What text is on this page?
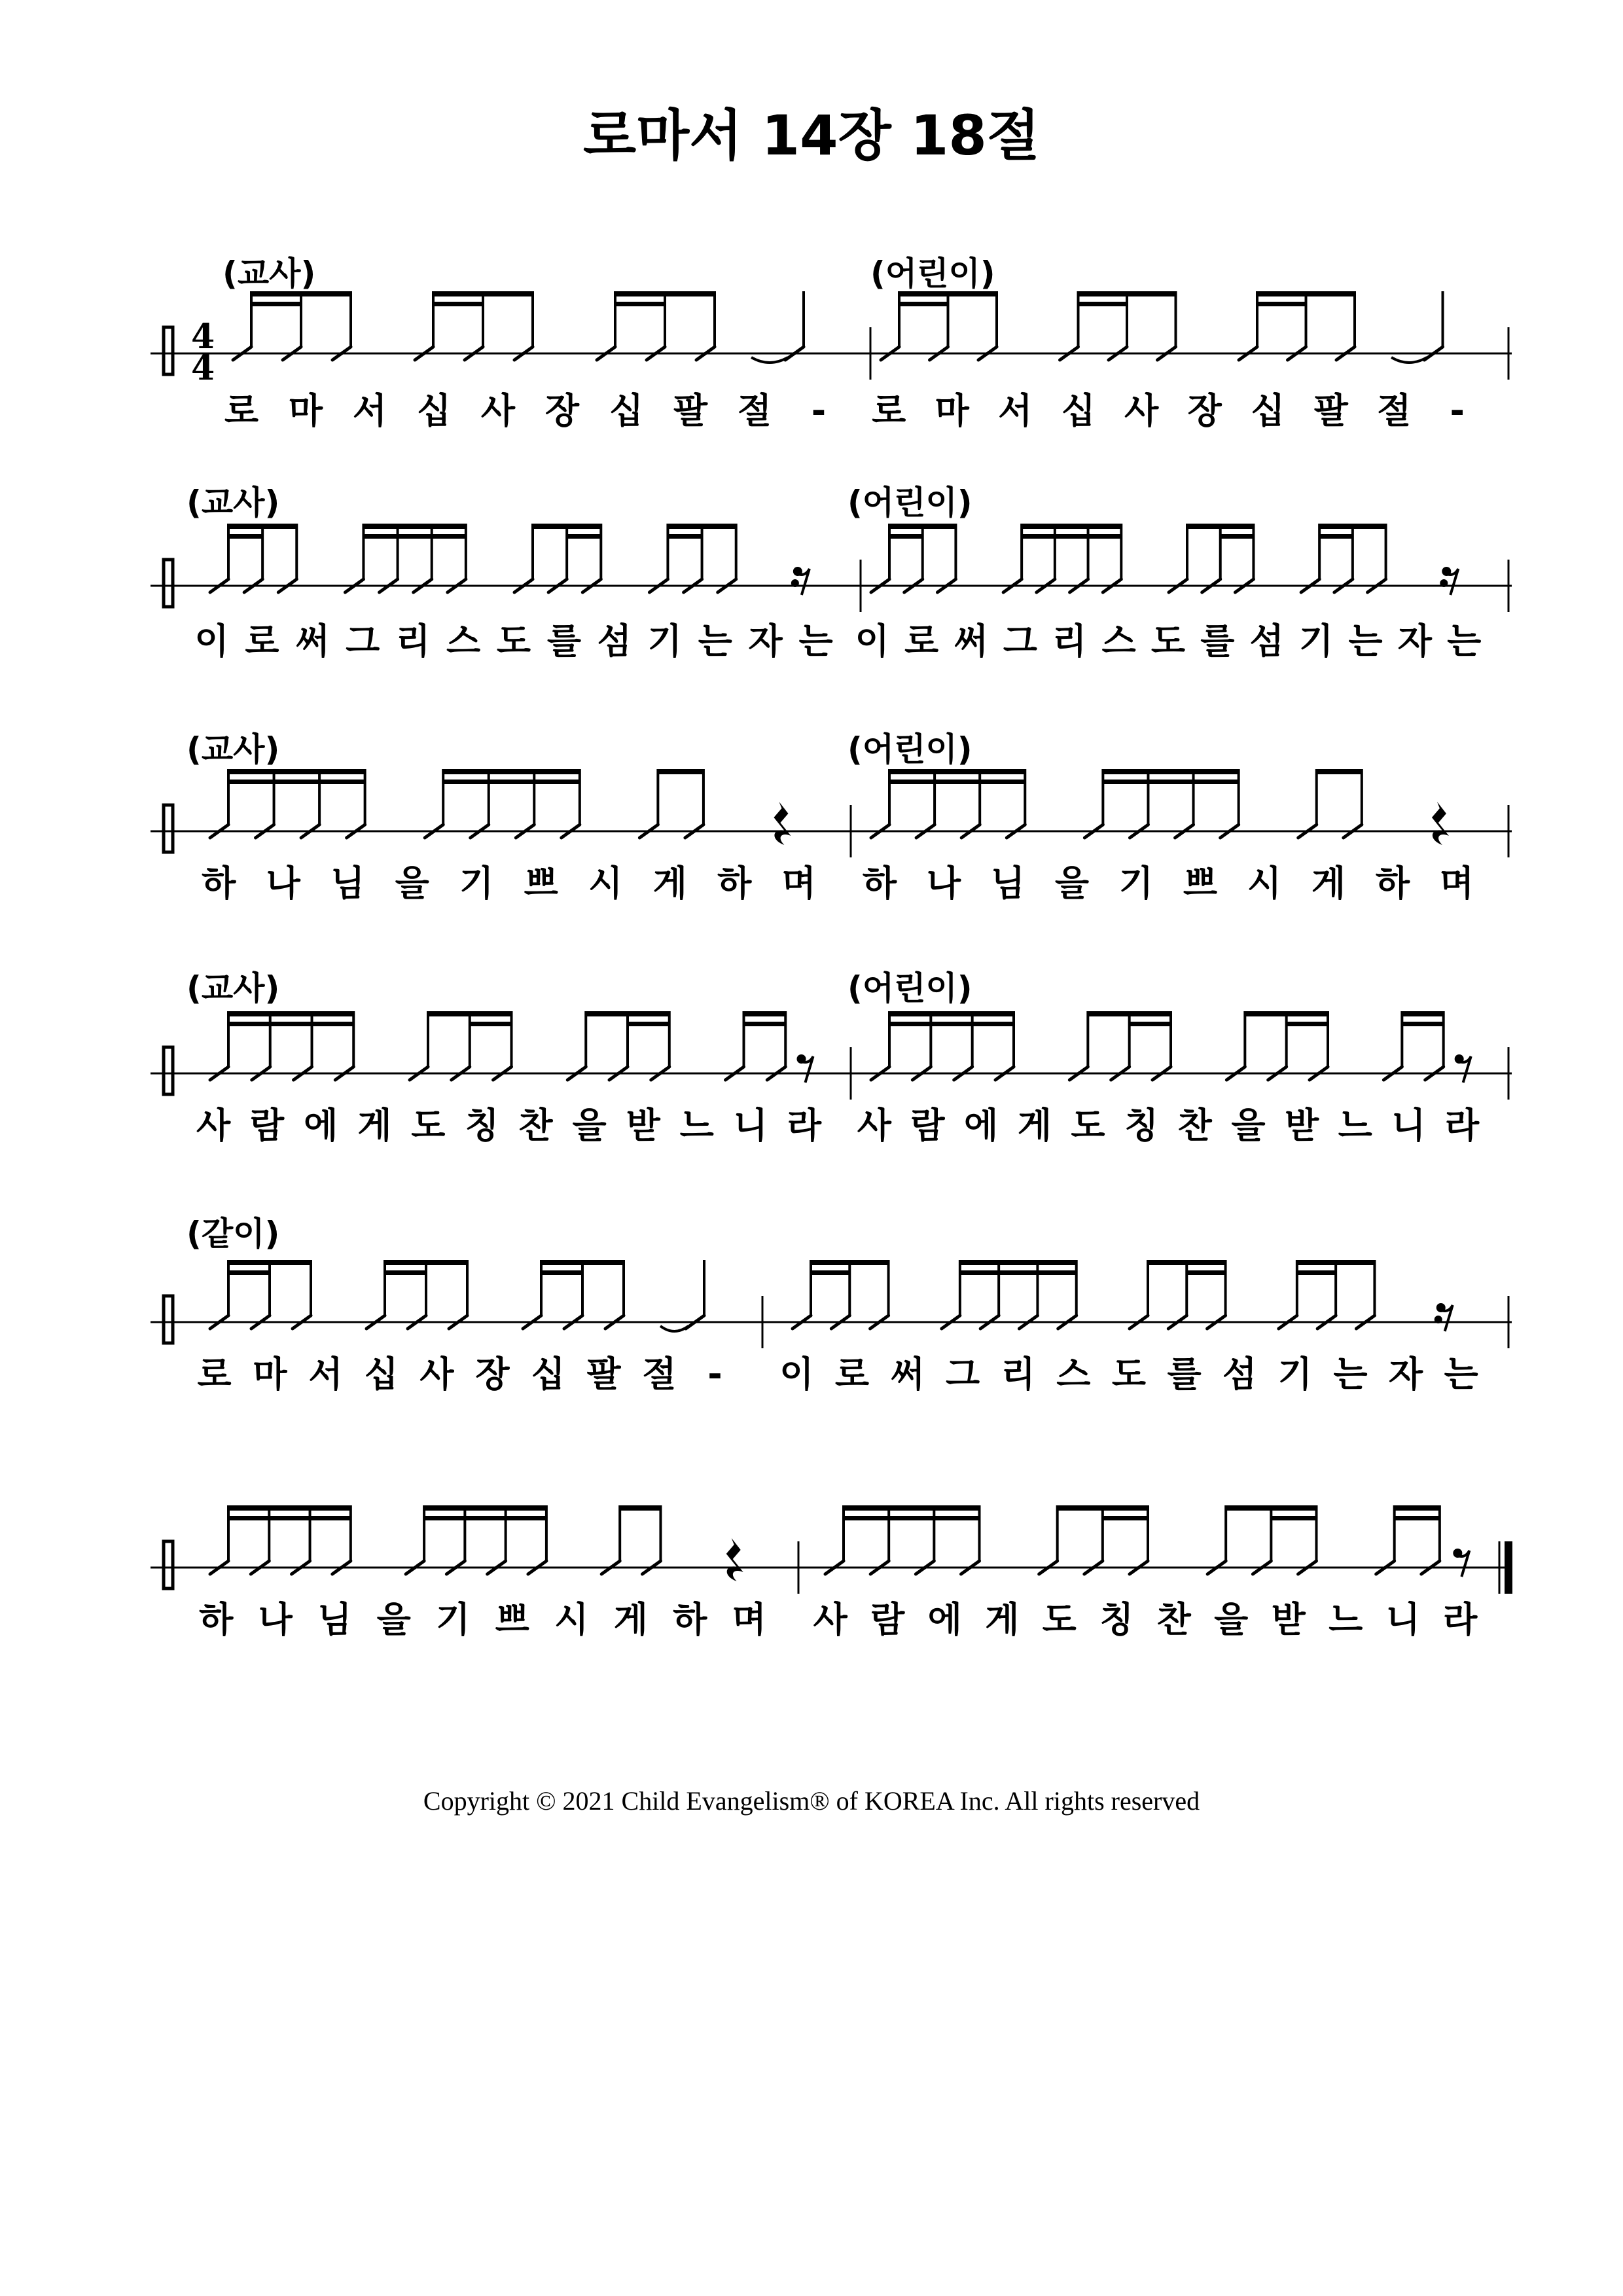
로마서 14장 18절
4
4
(교사)
로 마 서 십 사 장 십 팔 절	-
(어린이)
로 마 서 십 사 장 십 팔 절	-
(교사)
이 로 써 그 리 스 도 를 섬 기 는 자 는
(어린이)
이 로 써 그 리 스 도 를 섬 기 는 자 는
(교사)
하 나 님 을 기 쁘 시 게 하 며
(어린이)
하 나 님 을 기 쁘 시 게 하 며
(교사)
사 람 에 게 도 칭 찬 을 받 느 니 라
(어린이)
사 람 에 게 도 칭 찬 을 받 느 니 라
(같이)
로 마 서 십 사 장 십 팔 절 -	이 로 써 그 리 스 도 를 섬 기 는 자 는
하 나 님 을 기 쁘 시 게 하 며	사 람 에 게 도 칭 찬 을 받 느 니 라
Copyright © 2021 Child Evangelism® of KOREA Inc. All rights reserved
